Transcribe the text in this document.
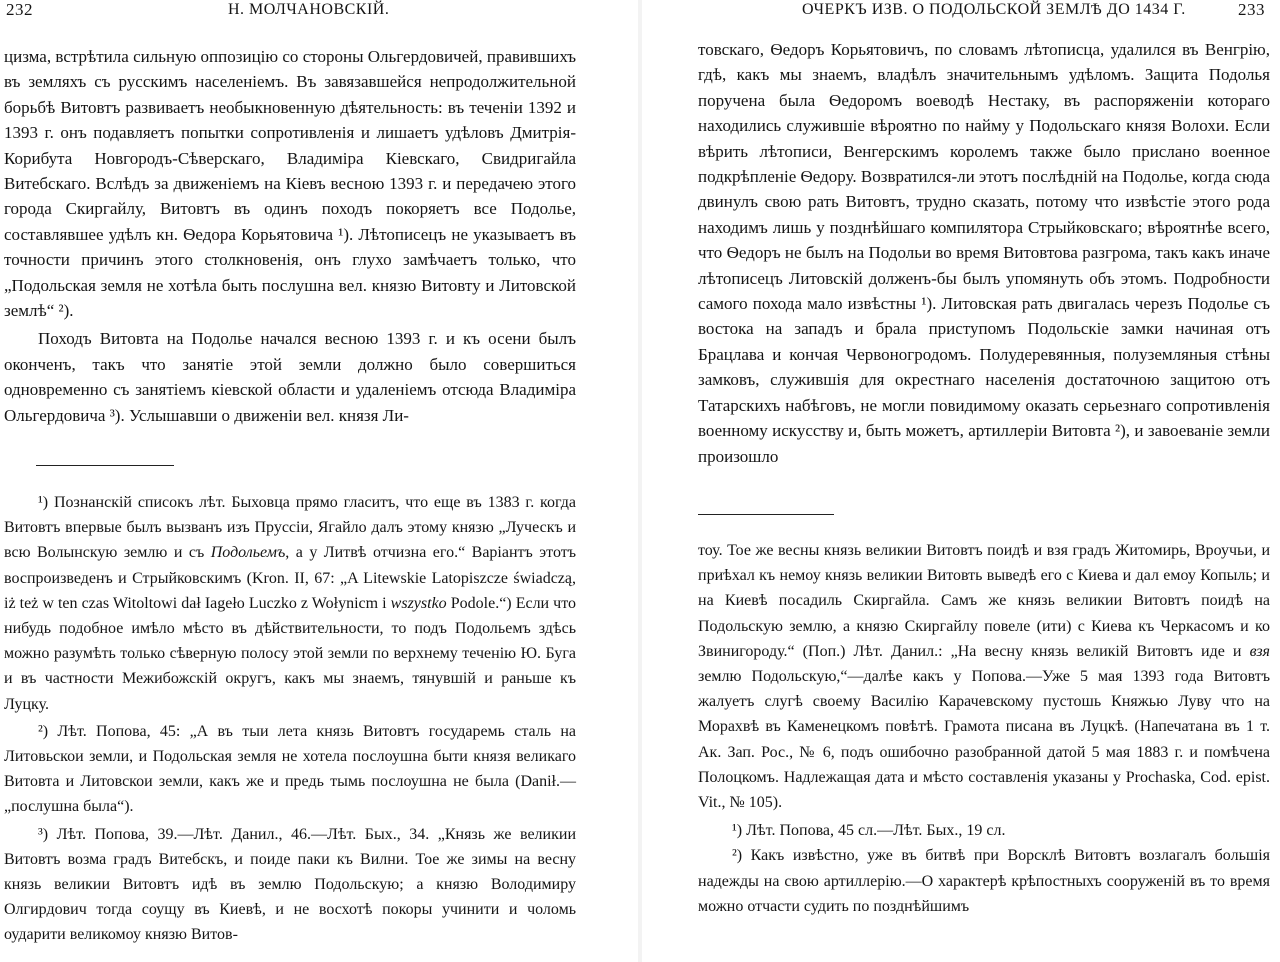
232	Н. МОЛЧАНОВСКІЙ.

цизма, встрѣтила сильную оппозицію со стороны Ольгердовичей, правившихъ въ земляхъ съ русскимъ населеніемъ. Въ завязавшейся непродолжительной борьбѣ Витовтъ развиваетъ необыкновенную дѣятельность: въ теченіи 1392 и 1393 г. онъ подавляетъ попытки сопротивленія и лишаетъ удѣловъ Дмитрія-Корибута Новгородъ-Сѣверскаго, Владиміра Кіевскаго, Свидригайла Витебскаго. Вслѣдъ за движеніемъ на Кіевъ весною 1393 г. и передачею этого города Скиргайлу, Витовтъ въ одинъ походъ покоряетъ все Подолье, составлявшее удѣлъ кн. Ѳедора Корьятовича ¹). Лѣтописецъ не указываетъ въ точности причинъ этого столкновенія, онъ глухо замѣчаетъ только, что „Подольская земля не хотѣла быть послушна вел. князю Витовту и Литовской землѣ“ ²).

Походъ Витовта на Подолье начался весною 1393 г. и къ осени былъ оконченъ, такъ что занятіе этой земли должно было совершиться одновременно съ занятіемъ кіевской области и удаленіемъ отсюда Владиміра Ольгердовича ³). Услышавши о движеніи вел. князя Ли-

¹) Познанскій списокъ лѣт. Быховца прямо гласитъ, что еще въ 1383 г. когда Витовтъ впервые былъ вызванъ изъ Пруссіи, Ягайло далъ этому князю „Луческъ и всю Волынскую землю и съ Подольемъ, а у Литвѣ отчизна его.“ Варіантъ этотъ воспроизведенъ и Стрыйковскимъ (Kron. II, 67: „A Litewskie Latopiszcze świadczą, iż też w ten czas Witoltowi dał Iageło Luczko z Wołynicm i wszystko Podole.“) Если что нибудь подобное имѣло мѣсто въ дѣйствительности, то подъ Подольемъ здѣсь можно разумѣть только сѣверную полосу этой земли по верхнему теченію Ю. Буга и въ частности Межибожскій округъ, какъ мы знаемъ, тянувшій и раньше къ Луцку.

²) Лѣт. Попова, 45: „А въ тыи лета князь Витовтъ государемь сталь на Литовьскои земли, и Подольская земля не хотела послоушна быти князя великаго Витовта и Литовскои земли, какъ же и предь тымь послоушна не была (Danił.—„послушна была“).

³) Лѣт. Попова, 39.—Лѣт. Данил., 46.—Лѣт. Бых., 34. „Князь же великии Витовтъ возма градъ Витебскъ, и поиде паки къ Вилни. Тое же зимы на весну князь великии Витовтъ идѣ въ землю Подольскую; а князю Володимиру Олгирдович тогда соущу въ Киевѣ, и не восхотѣ покоры учинити и чоломь оударити великомоу князю Витов-

ОЧЕРКЪ ИЗВ. О ПОДОЛЬСКОЙ ЗЕМЛѢ ДО 1434 Г.	233

товскаго, Ѳедоръ Корьятовичъ, по словамъ лѣтописца, удалился въ Венгрію, гдѣ, какъ мы знаемъ, владѣлъ значительнымъ удѣломъ. Защита Подолья поручена была Ѳедоромъ воеводѣ Нестаку, въ распоряженіи котораго находились служившіе вѣроятно по найму у Подольскаго князя Волохи. Если вѣрить лѣтописи, Венгерскимъ королемъ также было прислано военное подкрѣпленіе Ѳедору. Возвратился-ли этотъ послѣдній на Подолье, когда сюда двинулъ свою рать Витовтъ, трудно сказать, потому что извѣстіе этого рода находимъ лишь у позднѣйшаго компилятора Стрыйковскаго; вѣроятнѣе всего, что Ѳедоръ не былъ на Подольи во время Витовтова разгрома, такъ какъ иначе лѣтописецъ Литовскій долженъ-бы былъ упомянуть объ этомъ. Подробности самого похода мало извѣстны ¹). Литовская рать двигалась черезъ Подолье съ востока на западъ и брала приступомъ Подольскіе замки начиная отъ Брацлава и кончая Червоногродомъ. Полудеревянныя, полуземляныя стѣны замковъ, служившія для окрестнаго населенія достаточною защитою отъ Татарскихъ набѣговъ, не могли повидимому оказать серьезнаго сопротивленія военному искусству и, быть можетъ, артиллеріи Витовта ²), и завоеваніе земли произошло

тоу. Тое же весны князь великии Витовтъ поидѣ и взя градъ Житомирь, Вроучьи, и приѣхал къ немоу князь великии Витовть выведѣ его с Киева и дал емоу Копыль; и на Киевѣ посадиль Скиргайла. Самъ же князь великии Витовтъ поидѣ на Подольскую землю, а князю Скиргайлу повеле (ити) с Киева къ Черкасомъ и ко Звинигороду.“ (Поп.) Лѣт. Данил.: „На весну князь великій Витовтъ иде и взя землю Подольскую,“—далѣе какъ у Попова.—Уже 5 мая 1393 года Витовтъ жалуетъ слугѣ своему Василію Карачевскому пустошь Княжью Луву что на Морахвѣ въ Каменецкомъ повѣтѣ. Грамота писана въ Луцкѣ. (Напечатана въ 1 т. Ак. Зап. Рос., № 6, подъ ошибочно разобранной датой 5 мая 1883 г. и помѣчена Полоцкомъ. Надлежащая дата и мѣсто составленія указаны у Prochaska, Cod. epist. Vit., № 105).

¹) Лѣт. Попова, 45 сл.—Лѣт. Быx., 19 сл.

²) Какъ извѣстно, уже въ битвѣ при Ворсклѣ Витовтъ возлагалъ большія надежды на свою артиллерію.—О характерѣ крѣпостныхъ сооруженій въ то время можно отчасти судить по позднѣйшимъ
